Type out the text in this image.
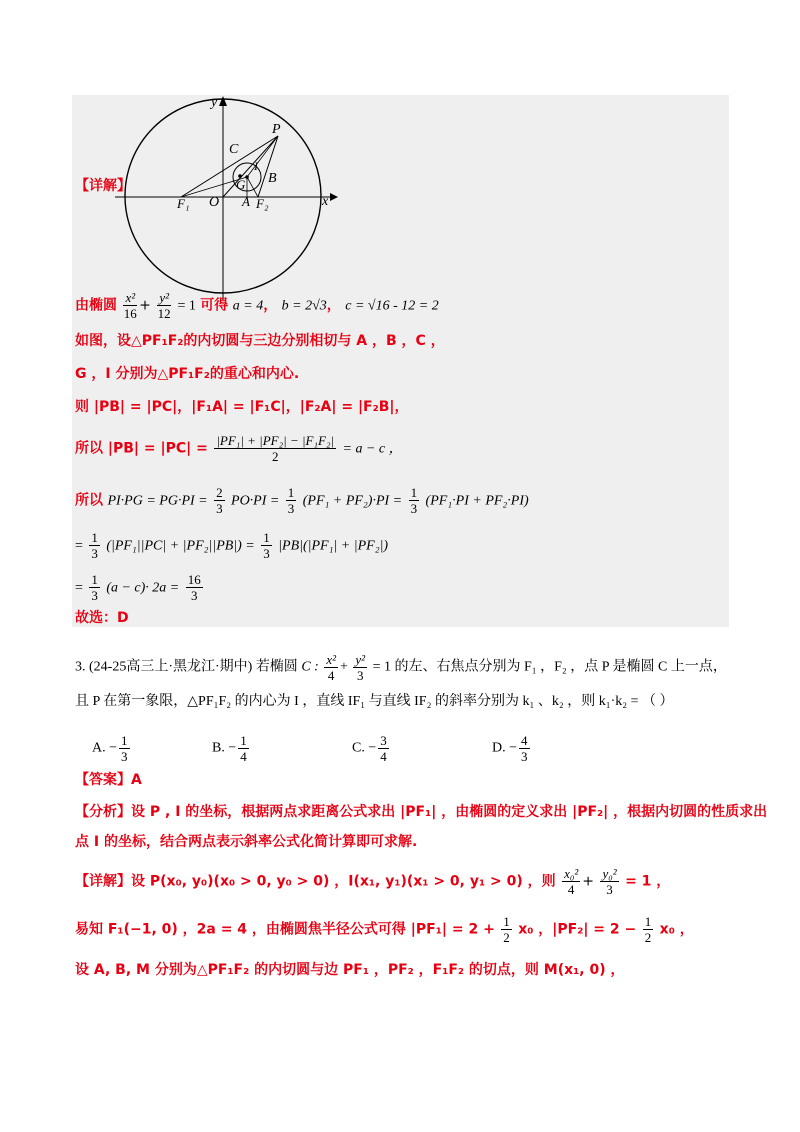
y
x
P
C
I
B
G
F₁ O A F₂
【详解】
由椭圆 $\frac{\text{x²}}{16} + \frac{\text{y²}}{12} = 1$ 可得 a = 4， b = 2√3， c = √16 - 12 = 2
如图，设△PF₁F₂的内切圆与三边分别相切与 A ，B ，C ，
G ，I 分别为△PF₁F₂的重心和内心.
则 |PB| = |PC|，|F₁A| = |F₁C|，|F₂A| = |F₂B|，
所以 $|PB| = |PC| = \frac{\text{|PF₁| + |PF₂| − |F₁F₂|}}{2} = a - c$ ，
所以 $PI\cdot PG = PG\cdot PI = \frac{2}{3} PO\cdot PI = \frac{1}{3} (PF_1 + PF_2)\cdot PI = \frac{1}{3} (PF_1\cdot PI + PF_2\cdot PI)$
= $\frac{1}{3} (|PF_1||PC| + |PF_2||PB|) = \frac{1}{3} |PB|(|PF_1| + |PF_2|)$
= $\frac{1}{3} (a - c)\cdot 2a = \frac{16}{3}$
故选：D
3. (24-25高三上·黑龙江·期中) 若椭圆 C : $\frac{\text{x²}}{4} + \frac{\text{y²}}{3} = 1$ 的左、右焦点分别为 F₁ ，F₂ ，点 P 是椭圆 C 上一点，
且 P 在第一象限，△PF₁F₂ 的内心为 I ，直线 IF₁ 与直线 IF₂ 的斜率分别为 k₁ 、k₂ ，则 k₁·k₂ = （ ）
A. − $\frac{1}{3}$	B. − $\frac{1}{4}$	C. − $\frac{3}{4}$	D. − $\frac{4}{3}$
【答案】A
【分析】设 P , I 的坐标，根据两点求距离公式求出 |PF₁| ，由椭圆的定义求出 |PF₂| ，根据内切圆的性质求出
点 I 的坐标，结合两点表示斜率公式化简计算即可求解.
【详解】设 P(x₀, y₀)(x₀ > 0, y₀ > 0) ，I(x₁, y₁)(x₁ > 0, y₁ > 0) ，则 $\frac{\text{x₀²}}{4} + \frac{\text{y₀²}}{3} = 1$ ，
易知 F₁(−1, 0) ，2a = 4 ，由椭圆焦半径公式可得 $|PF_1| = 2 + \frac{1}{2} x_0$ ，$|PF_2| = 2 - \frac{1}{2} x_0$ ，
设 A, B, M 分别为△PF₁F₂ 的内切圆与边 PF₁ ，PF₂ ，F₁F₂ 的切点，则 M(x₁, 0) ，
